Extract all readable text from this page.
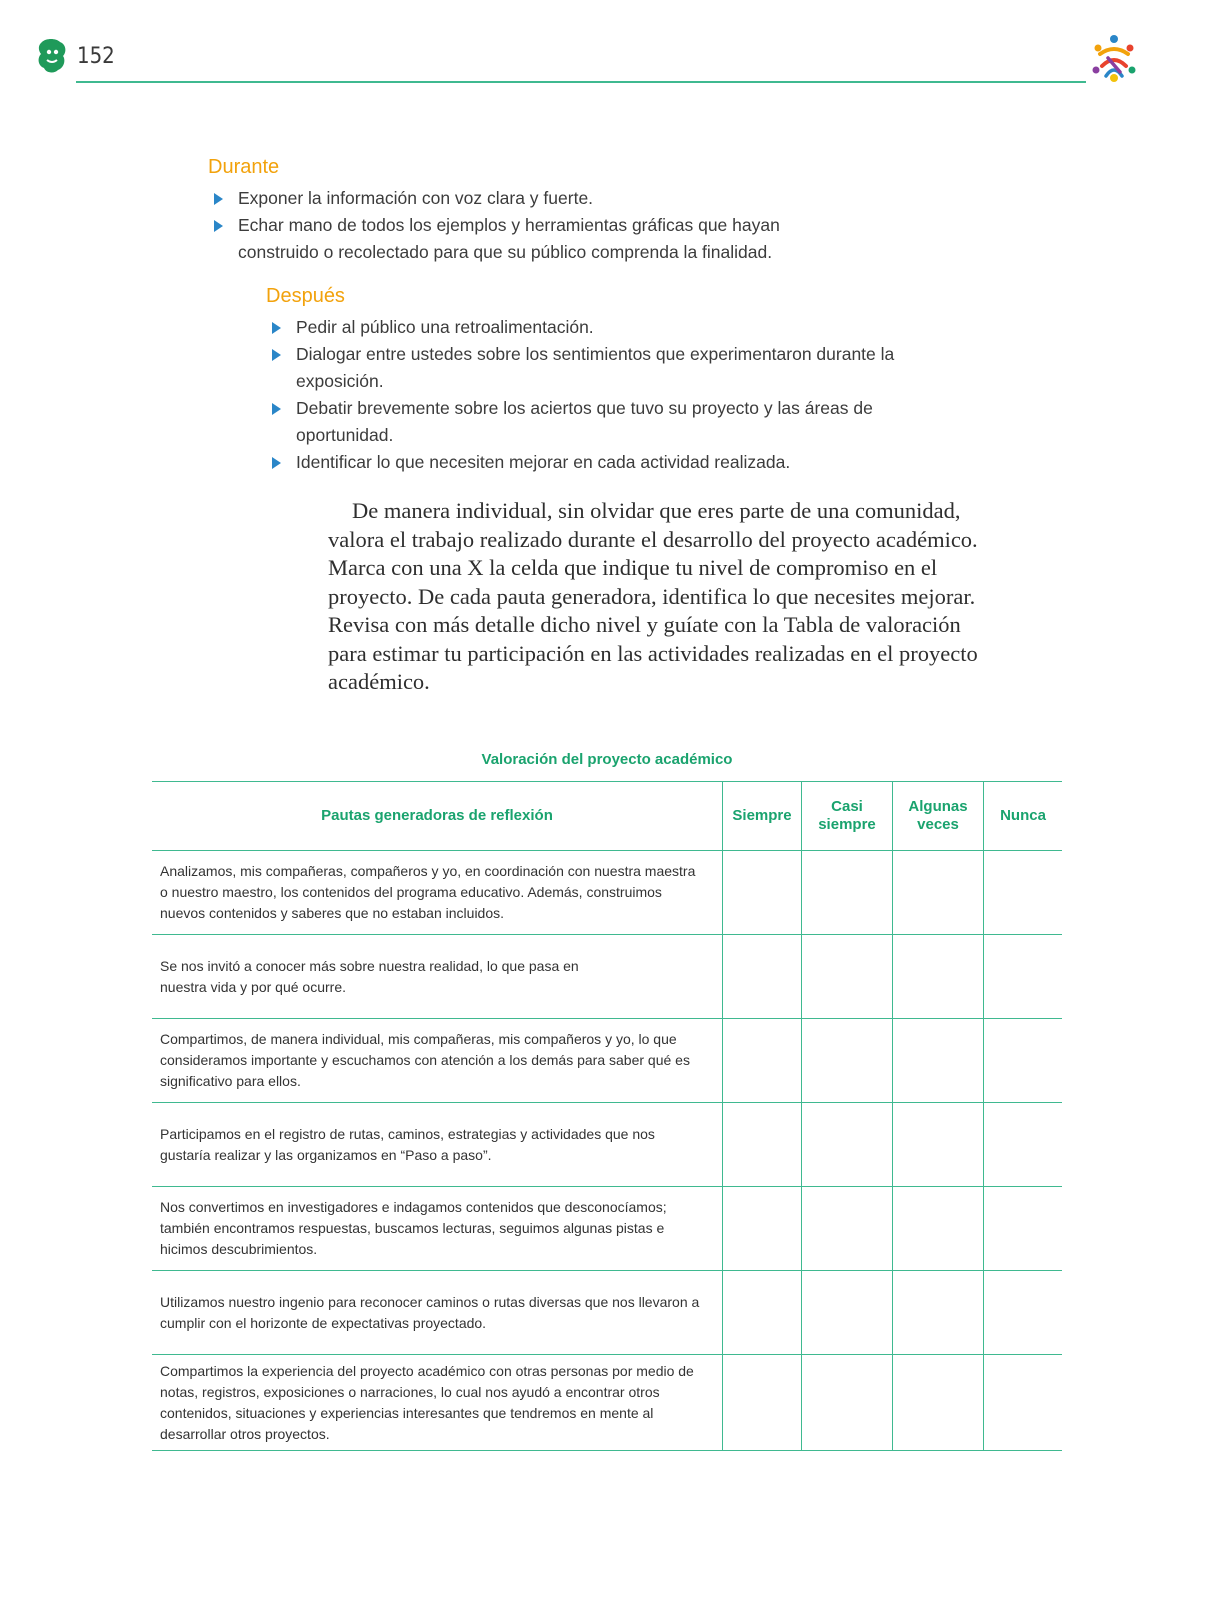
152
Durante
Exponer la información con voz clara y fuerte.
Echar mano de todos los ejemplos y herramientas gráficas que hayan construido o recolectado para que su público comprenda la finalidad.
Después
Pedir al público una retroalimentación.
Dialogar entre ustedes sobre los sentimientos que experimentaron durante la exposición.
Debatir brevemente sobre los aciertos que tuvo su proyecto y las áreas de oportunidad.
Identificar lo que necesiten mejorar en cada actividad realizada.

De manera individual, sin olvidar que eres parte de una comunidad, valora el trabajo realizado durante el desarrollo del proyecto académico. Marca con una X la celda que indique tu nivel de compromiso en el proyecto. De cada pauta generadora, identifica lo que necesites mejorar. Revisa con más detalle dicho nivel y guíate con la Tabla de valoración para estimar tu participación en las actividades realizadas en el proyecto académico.

Valoración del proyecto académico
Pautas generadoras de reflexión	Siempre	Casi siempre	Algunas veces	Nunca
Analizamos, mis compañeras, compañeros y yo, en coordinación con nuestra maestra o nuestro maestro, los contenidos del programa educativo. Además, construimos nuevos contenidos y saberes que no estaban incluidos.				
Se nos invitó a conocer más sobre nuestra realidad, lo que pasa en nuestra vida y por qué ocurre.				
Compartimos, de manera individual, mis compañeras, mis compañeros y yo, lo que consideramos importante y escuchamos con atención a los demás para saber qué es significativo para ellos.				
Participamos en el registro de rutas, caminos, estrategias y actividades que nos gustaría realizar y las organizamos en “Paso a paso”.				
Nos convertimos en investigadores e indagamos contenidos que desconocíamos; también encontramos respuestas, buscamos lecturas, seguimos algunas pistas e hicimos descubrimientos.				
Utilizamos nuestro ingenio para reconocer caminos o rutas diversas que nos llevaron a cumplir con el horizonte de expectativas proyectado.				
Compartimos la experiencia del proyecto académico con otras personas por medio de notas, registros, exposiciones o narraciones, lo cual nos ayudó a encontrar otros contenidos, situaciones y experiencias interesantes que tendremos en mente al desarrollar otros proyectos.				
